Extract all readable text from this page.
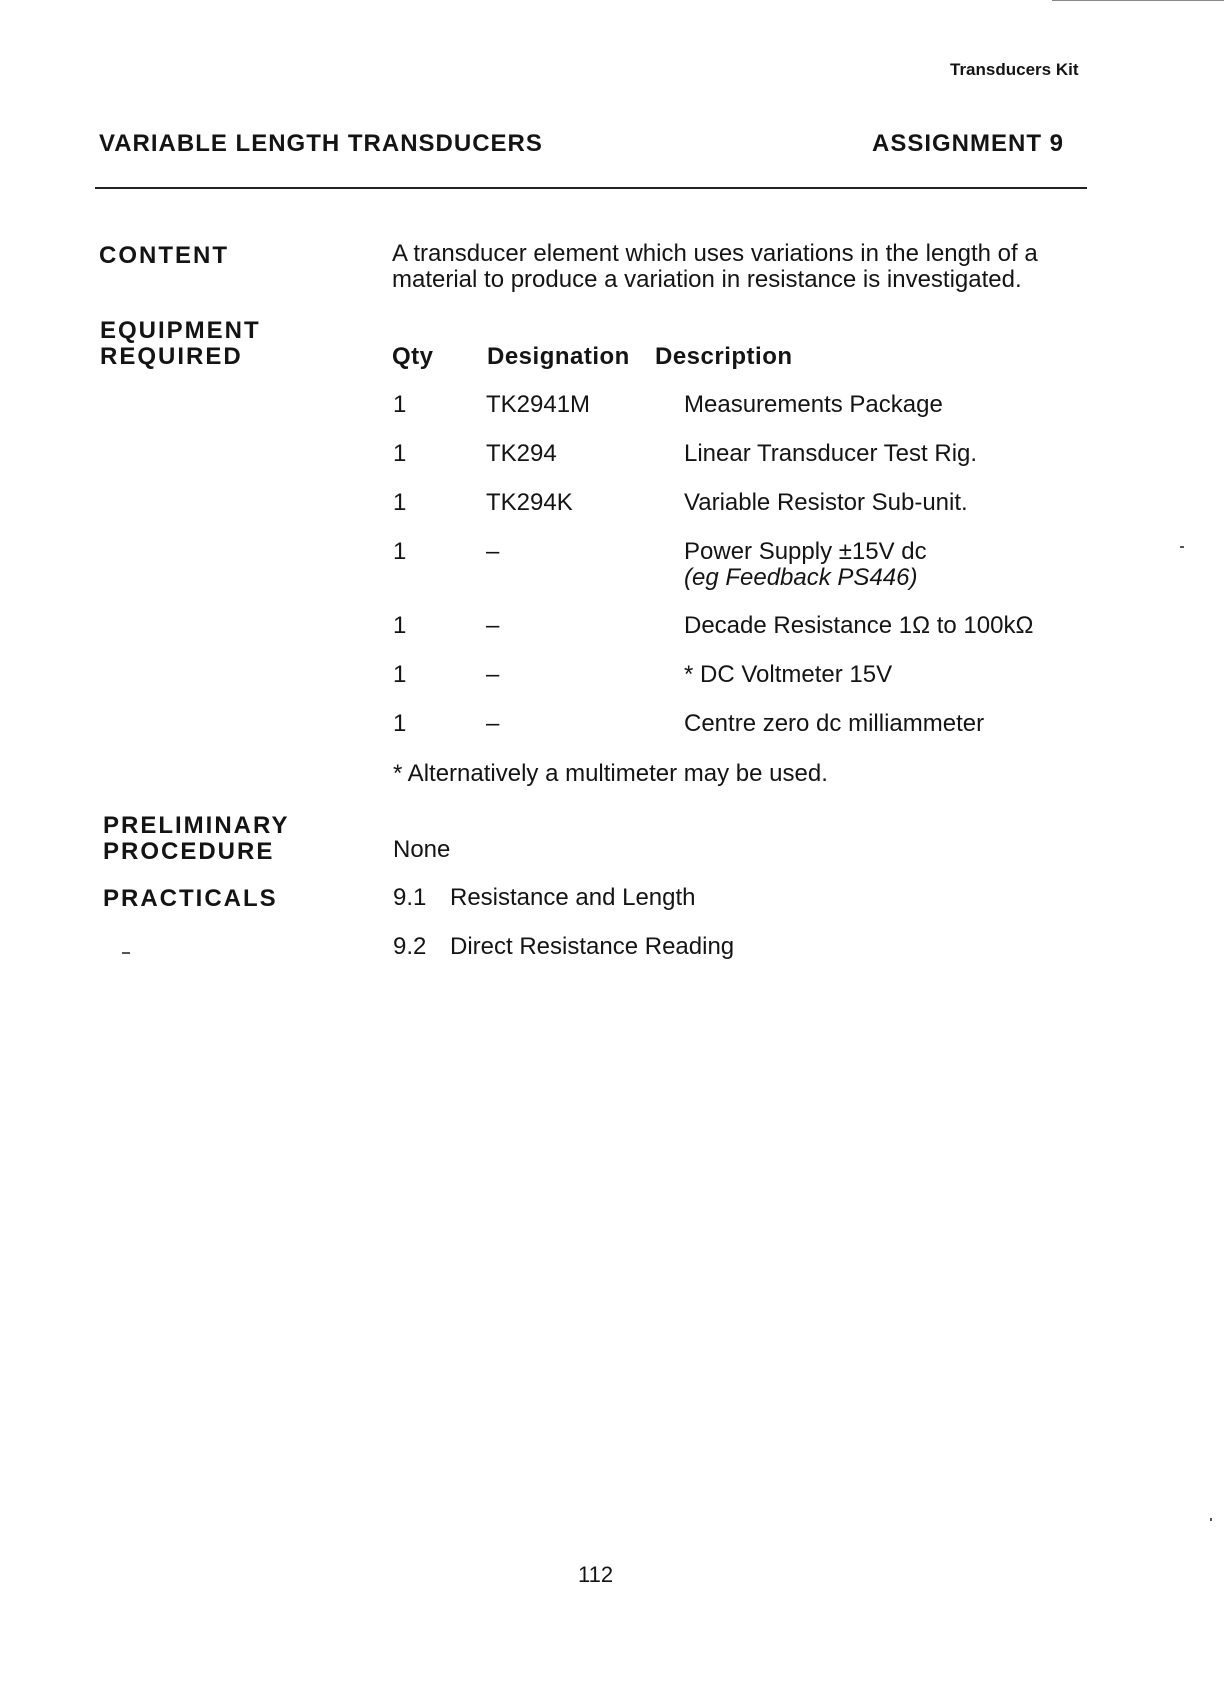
Transducers Kit
VARIABLE LENGTH TRANSDUCERS	ASSIGNMENT 9
CONTENT	A transducer element which uses variations in the length of a
material to produce a variation in resistance is investigated.
EQUIPMENT
REQUIRED	Qty Designation Description
1	TK2941M	Measurements Package
1	TK294	Linear Transducer Test Rig.
1	TK294K	Variable Resistor Sub-unit.
1	–	Power Supply ±15V dc
(eg Feedback PS446)
1	–	Decade Resistance 1Ω to 100kΩ
1	–	* DC Voltmeter 15V
1	–	Centre zero dc milliammeter
* Alternatively a multimeter may be used.
PRELIMINARY
PROCEDURE	None
PRACTICALS	9.1 Resistance and Length
9.2 Direct Resistance Reading
112
